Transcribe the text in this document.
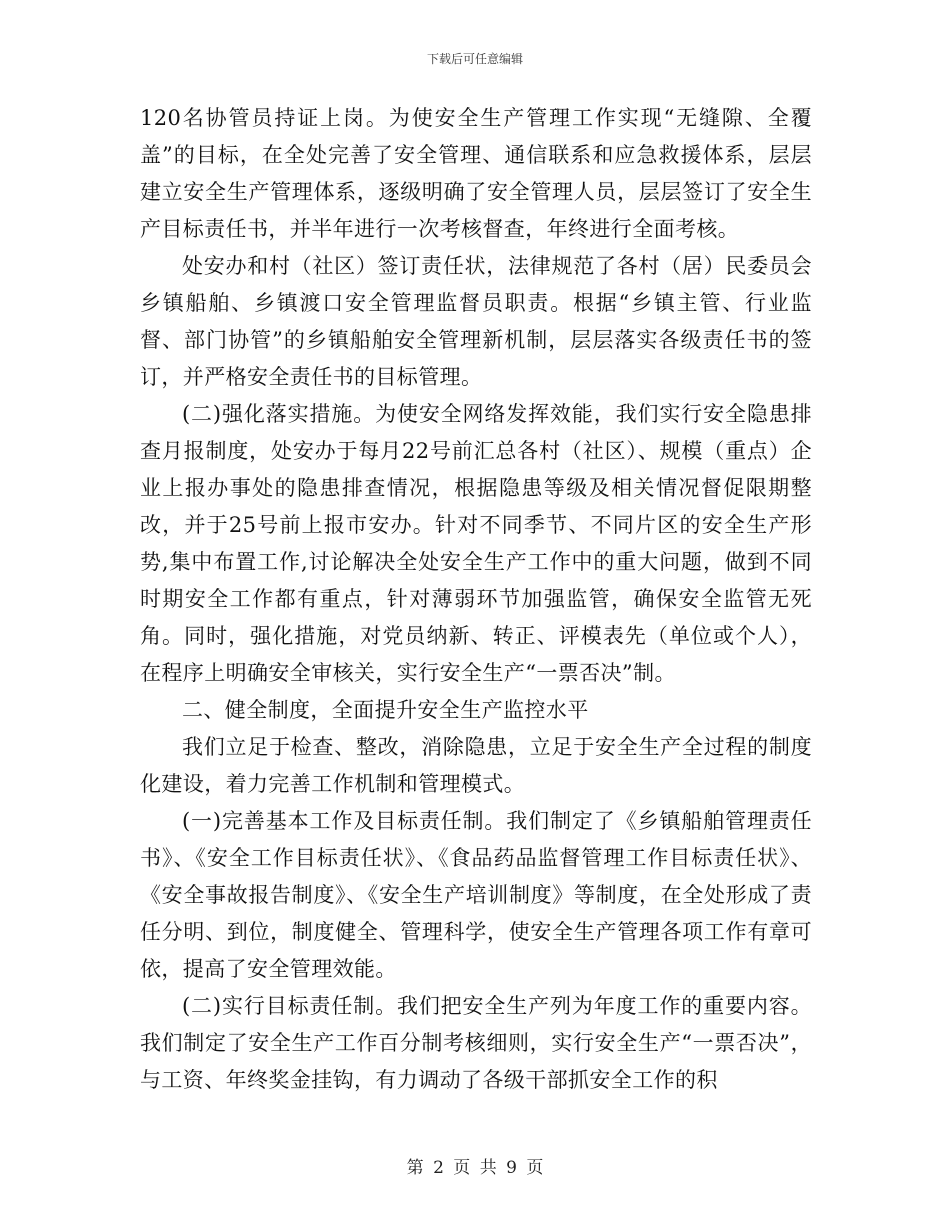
下载后可任意编辑

120名协管员持证上岗。为使安全生产管理工作实现“无缝隙、全覆盖”的目标，在全处完善了安全管理、通信联系和应急救援体系，层层建立安全生产管理体系，逐级明确了安全管理人员，层层签订了安全生产目标责任书，并半年进行一次考核督查，年终进行全面考核。

处安办和村（社区）签订责任状，法律规范了各村（居）民委员会乡镇船舶、乡镇渡口安全管理监督员职责。根据“乡镇主管、行业监督、部门协管”的乡镇船舶安全管理新机制，层层落实各级责任书的签订，并严格安全责任书的目标管理。

(二)强化落实措施。为使安全网络发挥效能，我们实行安全隐患排查月报制度，处安办于每月22号前汇总各村（社区）、规模（重点）企业上报办事处的隐患排查情况，根据隐患等级及相关情况督促限期整改，并于25号前上报市安办。针对不同季节、不同片区的安全生产形势,集中布置工作,讨论解决全处安全生产工作中的重大问题，做到不同时期安全工作都有重点，针对薄弱环节加强监管，确保安全监管无死角。同时，强化措施，对党员纳新、转正、评模表先（单位或个人），在程序上明确安全审核关，实行安全生产“一票否决”制。

二、健全制度，全面提升安全生产监控水平

我们立足于检查、整改，消除隐患，立足于安全生产全过程的制度化建设，着力完善工作机制和管理模式。

(一)完善基本工作及目标责任制。我们制定了《乡镇船舶管理责任书》、《安全工作目标责任状》、《食品药品监督管理工作目标责任状》、《安全事故报告制度》、《安全生产培训制度》等制度，在全处形成了责任分明、到位，制度健全、管理科学，使安全生产管理各项工作有章可依，提高了安全管理效能。

(二)实行目标责任制。我们把安全生产列为年度工作的重要内容。我们制定了安全生产工作百分制考核细则，实行安全生产“一票否决”，与工资、年终奖金挂钩，有力调动了各级干部抓安全工作的积

第 2 页 共 9 页
